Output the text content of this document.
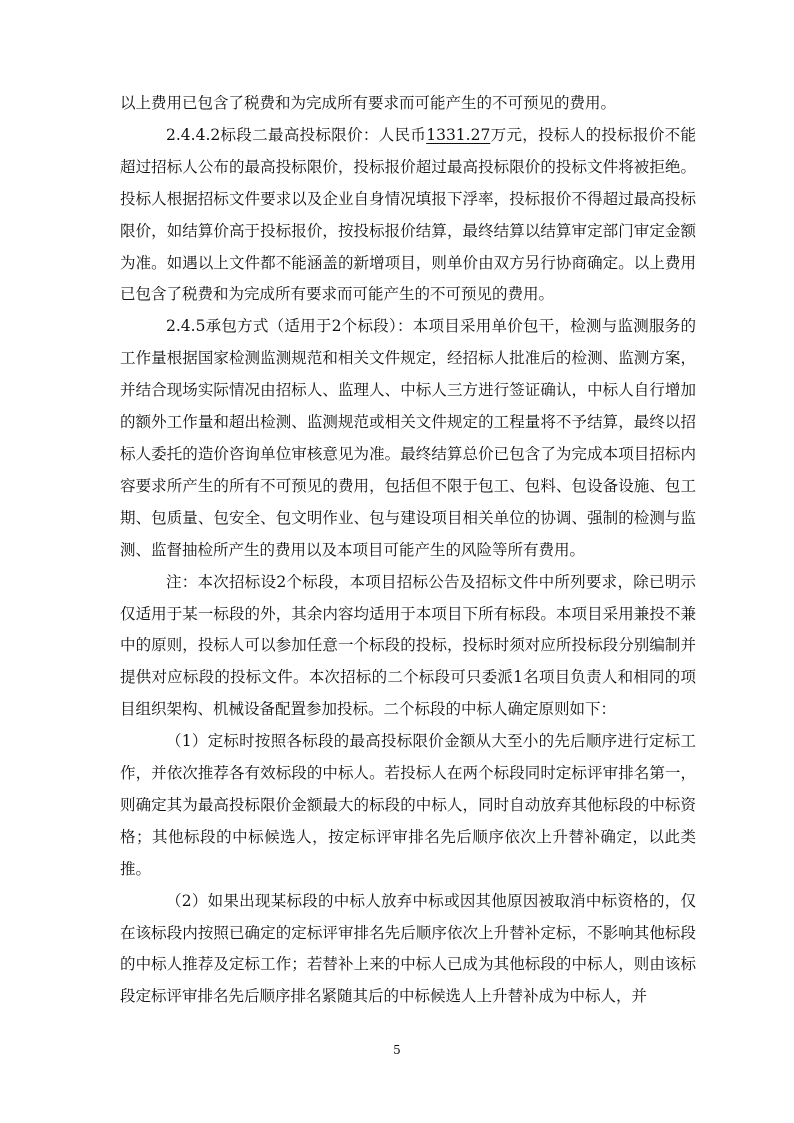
以上费用已包含了税费和为完成所有要求而可能产生的不可预见的费用。

2.4.4.2标段二最高投标限价：人民币1331.27万元，投标人的投标报价不能超过招标人公布的最高投标限价，投标报价超过最高投标限价的投标文件将被拒绝。投标人根据招标文件要求以及企业自身情况填报下浮率，投标报价不得超过最高投标限价，如结算价高于投标报价，按投标报价结算，最终结算以结算审定部门审定金额为准。如遇以上文件都不能涵盖的新增项目，则单价由双方另行协商确定。以上费用已包含了税费和为完成所有要求而可能产生的不可预见的费用。

2.4.5承包方式（适用于2个标段）：本项目采用单价包干，检测与监测服务的工作量根据国家检测监测规范和相关文件规定，经招标人批准后的检测、监测方案，并结合现场实际情况由招标人、监理人、中标人三方进行签证确认，中标人自行增加的额外工作量和超出检测、监测规范或相关文件规定的工程量将不予结算，最终以招标人委托的造价咨询单位审核意见为准。最终结算总价已包含了为完成本项目招标内容要求所产生的所有不可预见的费用，包括但不限于包工、包料、包设备设施、包工期、包质量、包安全、包文明作业、包与建设项目相关单位的协调、强制的检测与监测、监督抽检所产生的费用以及本项目可能产生的风险等所有费用。

注：本次招标设2个标段，本项目招标公告及招标文件中所列要求，除已明示仅适用于某一标段的外，其余内容均适用于本项目下所有标段。本项目采用兼投不兼中的原则，投标人可以参加任意一个标段的投标，投标时须对应所投标段分别编制并提供对应标段的投标文件。本次招标的二个标段可只委派1名项目负责人和相同的项目组织架构、机械设备配置参加投标。二个标段的中标人确定原则如下：

（1）定标时按照各标段的最高投标限价金额从大至小的先后顺序进行定标工作，并依次推荐各有效标段的中标人。若投标人在两个标段同时定标评审排名第一，则确定其为最高投标限价金额最大的标段的中标人，同时自动放弃其他标段的中标资格；其他标段的中标候选人，按定标评审排名先后顺序依次上升替补确定，以此类推。

（2）如果出现某标段的中标人放弃中标或因其他原因被取消中标资格的，仅在该标段内按照已确定的定标评审排名先后顺序依次上升替补定标，不影响其他标段的中标人推荐及定标工作；若替补上来的中标人已成为其他标段的中标人，则由该标段定标评审排名先后顺序排名紧随其后的中标候选人上升替补成为中标人，并

5
